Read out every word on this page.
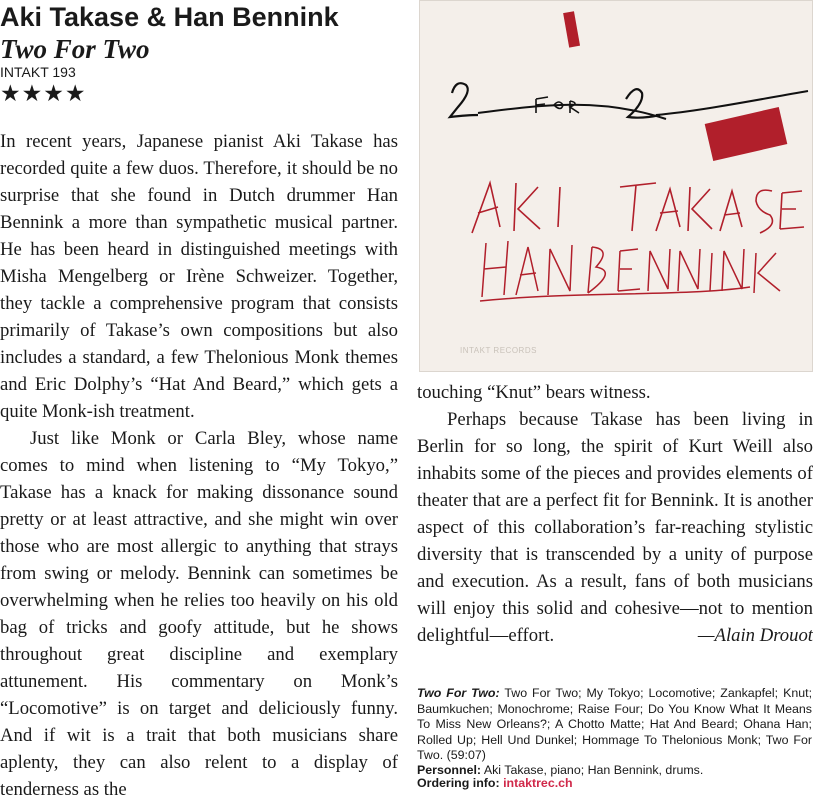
Aki Takase & Han Bennink
Two For Two
INTAKT 193
★★★★

In recent years, Japanese pianist Aki Takase has recorded quite a few duos. Therefore, it should be no surprise that she found in Dutch drummer Han Bennink a more than sympathetic musical partner. He has been heard in distinguished meetings with Misha Mengelberg or Irène Schweizer. Together, they tackle a comprehensive program that consists primarily of Takase’s own compositions but also includes a standard, a few Thelonious Monk themes and Eric Dolphy’s “Hat And Beard,” which gets a quite Monk-ish treatment.

Just like Monk or Carla Bley, whose name comes to mind when listening to “My Tokyo,” Takase has a knack for making dissonance sound pretty or at least attractive, and she might win over those who are most allergic to anything that strays from swing or melody. Bennink can sometimes be overwhelming when he relies too heavily on his old bag of tricks and goofy attitude, but he shows throughout great discipline and exemplary attunement. His commentary on Monk’s “Locomotive” is on target and deliciously funny. And if wit is a trait that both musicians share aplenty, they can also relent to a display of tenderness as the

INTAKT RECORDS

touching “Knut” bears witness.

Perhaps because Takase has been living in Berlin for so long, the spirit of Kurt Weill also inhabits some of the pieces and provides elements of theater that are a perfect fit for Bennink. It is another aspect of this collaboration’s far-reaching stylistic diversity that is transcended by a unity of purpose and execution. As a result, fans of both musicians will enjoy this solid and cohesive—not to mention delightful—effort.	—Alain Drouot

Two For Two: Two For Two; My Tokyo; Locomotive; Zankapfel; Knut; Baumkuchen; Monochrome; Raise Four; Do You Know What It Means To Miss New Orleans?; A Chotto Matte; Hat And Beard; Ohana Han; Rolled Up; Hell Und Dunkel; Hommage To Thelonious Monk; Two For Two. (59:07)
Personnel: Aki Takase, piano; Han Bennink, drums.
Ordering info: intaktrec.ch
